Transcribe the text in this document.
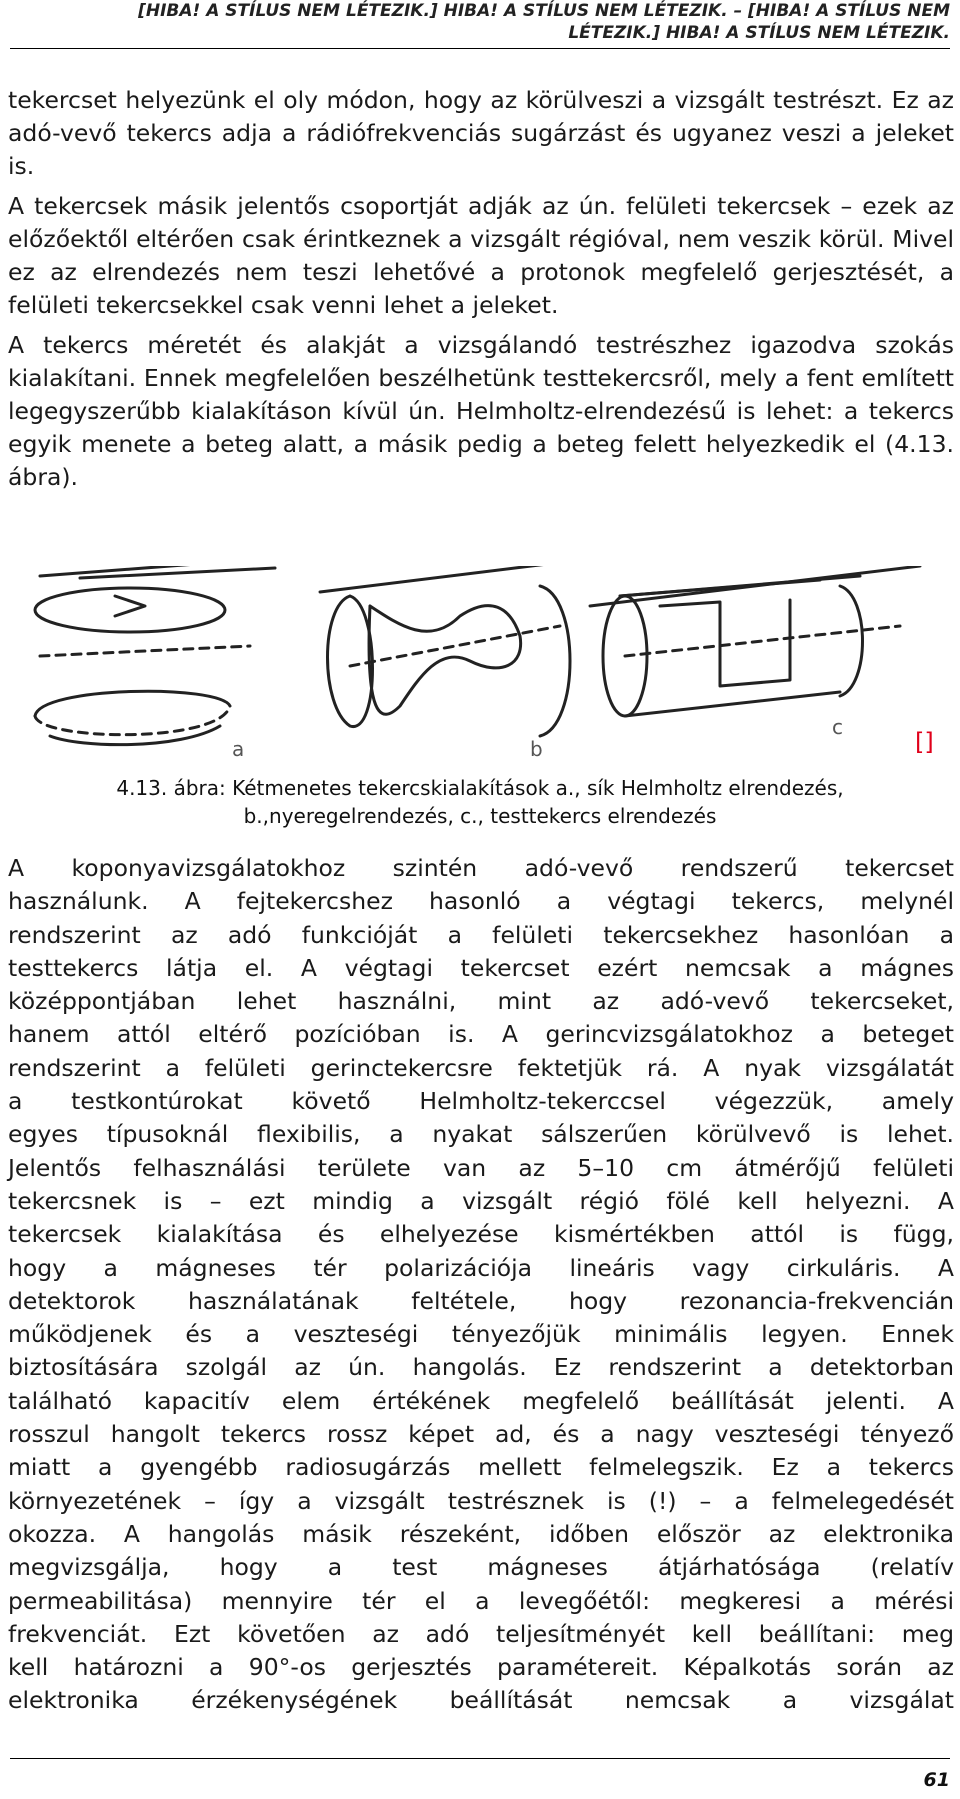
[HIBA! A STÍLUS NEM LÉTEZIK.] HIBA! A STÍLUS NEM LÉTEZIK. – [HIBA! A STÍLUS NEM
LÉTEZIK.] HIBA! A STÍLUS NEM LÉTEZIK.

tekercset helyezünk el oly módon, hogy az körülveszi a vizsgált testrészt. Ez az adó-vevő tekercs adja a rádiófrekvenciás sugárzást és ugyanez veszi a jeleket is.

A tekercsek másik jelentős csoportját adják az ún. felületi tekercsek – ezek az előzőektől eltérően csak érintkeznek a vizsgált régióval, nem veszik körül. Mivel ez az elrendezés nem teszi lehetővé a protonok megfelelő gerjesztését, a felületi tekercsekkel csak venni lehet a jeleket.

A tekercs méretét és alakját a vizsgálandó testrészhez igazodva szokás kialakítani. Ennek megfelelően beszélhetünk testtekercsről, mely a fent említett legegyszerűbb kialakításon kívül ún. Helmholtz-elrendezésű is lehet: a tekercs egyik menete a beteg alatt, a másik pedig a beteg felett helyezkedik el (4.13. ábra).

a	b
c
[]
4.13. ábra: Kétmenetes tekercskialakítások a., sík Helmholtz elrendezés,
b.,nyeregelrendezés, c., testtekercs elrendezés

A koponyavizsgálatokhoz szintén adó-vevő rendszerű tekercset

használunk. A fejtekercshez hasonló a végtagi tekercs, melynél

rendszerint az adó funkcióját a felületi tekercsekhez hasonlóan a

testtekercs látja el. A végtagi tekercset ezért nemcsak a mágnes

középpontjában lehet használni, mint az adó-vevő tekercseket,

hanem attól eltérő pozícióban is. A gerincvizsgálatokhoz a beteget

rendszerint a felületi gerinctekercsre fektetjük rá. A nyak vizsgálatát

a testkontúrokat követő Helmholtz-tekerccsel végezzük, amely

egyes típusoknál flexibilis, a nyakat sálszerűen körülvevő is lehet.

Jelentős felhasználási területe van az 5–10 cm átmérőjű felületi

tekercsnek is – ezt mindig a vizsgált régió fölé kell helyezni. A

tekercsek kialakítása és elhelyezése kismértékben attól is függ,

hogy a mágneses tér polarizációja lineáris vagy cirkuláris. A

detektorok használatának feltétele, hogy rezonancia-frekvencián

működjenek és a veszteségi tényezőjük minimális legyen. Ennek

biztosítására szolgál az ún. hangolás. Ez rendszerint a detektorban

található kapacitív elem értékének megfelelő beállítását jelenti. A

rosszul hangolt tekercs rossz képet ad, és a nagy veszteségi tényező

miatt a gyengébb radiosugárzás mellett felmelegszik. Ez a tekercs

környezetének – így a vizsgált testrésznek is (!) – a felmelegedését

okozza. A hangolás másik részeként, időben először az elektronika

megvizsgálja, hogy a test mágneses átjárhatósága (relatív

permeabilitása) mennyire tér el a levegőétől: megkeresi a mérési

frekvenciát. Ezt követően az adó teljesítményét kell beállítani: meg

kell határozni a 90°-os gerjesztés paramétereit. Képalkotás során az

elektronika érzékenységének beállítását nemcsak a vizsgálat

61
